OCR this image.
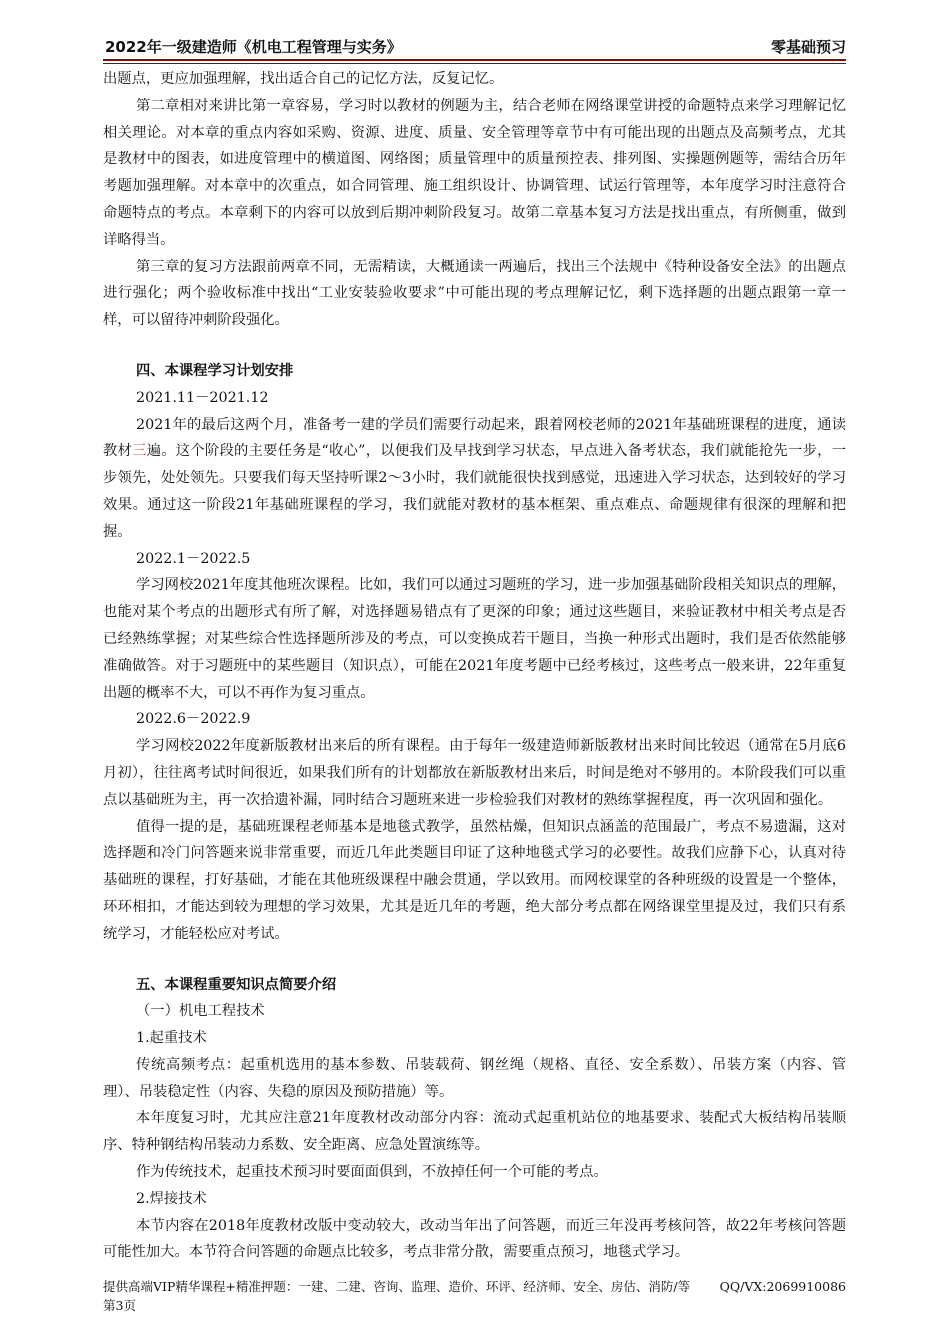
2022年一级建造师《机电工程管理与实务》	零基础预习

出题点，更应加强理解，找出适合自己的记忆方法，反复记忆。

第二章相对来讲比第一章容易，学习时以教材的例题为主，结合老师在网络课堂讲授的命题特点来学习理解记忆相关理论。对本章的重点内容如采购、资源、进度、质量、安全管理等章节中有可能出现的出题点及高频考点，尤其是教材中的图表，如进度管理中的横道图、网络图；质量管理中的质量预控表、排列图、实操题例题等，需结合历年考题加强理解。对本章中的次重点，如合同管理、施工组织设计、协调管理、试运行管理等，本年度学习时注意符合命题特点的考点。本章剩下的内容可以放到后期冲刺阶段复习。故第二章基本复习方法是找出重点，有所侧重，做到详略得当。

第三章的复习方法跟前两章不同，无需精读，大概通读一两遍后，找出三个法规中《特种设备安全法》的出题点进行强化；两个验收标准中找出“工业安装验收要求”中可能出现的考点理解记忆，剩下选择题的出题点跟第一章一样，可以留待冲刺阶段强化。

四、本课程学习计划安排

2021.11－2021.12

2021年的最后这两个月，准备考一建的学员们需要行动起来，跟着网校老师的2021年基础班课程的进度，通读教材三遍。这个阶段的主要任务是“收心”，以便我们及早找到学习状态，早点进入备考状态，我们就能抢先一步，一步领先，处处领先。只要我们每天坚持听课2～3小时，我们就能很快找到感觉，迅速进入学习状态，达到较好的学习效果。通过这一阶段21年基础班课程的学习，我们就能对教材的基本框架、重点难点、命题规律有很深的理解和把握。

2022.1－2022.5

学习网校2021年度其他班次课程。比如，我们可以通过习题班的学习，进一步加强基础阶段相关知识点的理解，也能对某个考点的出题形式有所了解，对选择题易错点有了更深的印象；通过这些题目，来验证教材中相关考点是否已经熟练掌握；对某些综合性选择题所涉及的考点，可以变换成若干题目，当换一种形式出题时，我们是否依然能够准确做答。对于习题班中的某些题目（知识点），可能在2021年度考题中已经考核过，这些考点一般来讲，22年重复出题的概率不大，可以不再作为复习重点。

2022.6－2022.9

学习网校2022年度新版教材出来后的所有课程。由于每年一级建造师新版教材出来时间比较迟（通常在5月底6月初），往往离考试时间很近，如果我们所有的计划都放在新版教材出来后，时间是绝对不够用的。本阶段我们可以重点以基础班为主，再一次拾遗补漏，同时结合习题班来进一步检验我们对教材的熟练掌握程度，再一次巩固和强化。

值得一提的是，基础班课程老师基本是地毯式教学，虽然枯燥，但知识点涵盖的范围最广，考点不易遗漏，这对选择题和冷门问答题来说非常重要，而近几年此类题目印证了这种地毯式学习的必要性。故我们应静下心，认真对待基础班的课程，打好基础，才能在其他班级课程中融会贯通，学以致用。而网校课堂的各种班级的设置是一个整体，环环相扣，才能达到较为理想的学习效果，尤其是近几年的考题，绝大部分考点都在网络课堂里提及过，我们只有系统学习，才能轻松应对考试。

五、本课程重要知识点简要介绍

（一）机电工程技术

1.起重技术

传统高频考点：起重机选用的基本参数、吊装载荷、钢丝绳（规格、直径、安全系数）、吊装方案（内容、管理）、吊装稳定性（内容、失稳的原因及预防措施）等。

本年度复习时，尤其应注意21年度教材改动部分内容：流动式起重机站位的地基要求、装配式大板结构吊装顺序、特种钢结构吊装动力系数、安全距离、应急处置演练等。

作为传统技术，起重技术预习时要面面俱到，不放掉任何一个可能的考点。

2.焊接技术

本节内容在2018年度教材改版中变动较大，改动当年出了问答题，而近三年没再考核问答，故22年考核问答题可能性加大。本节符合问答题的命题点比较多，考点非常分散，需要重点预习，地毯式学习。

提供高端VIP精华课程+精准押题：一建、二建、咨询、监理、造价、环评、经济师、安全、房估、消防/等	QQ/VX:2069910086
第3页
